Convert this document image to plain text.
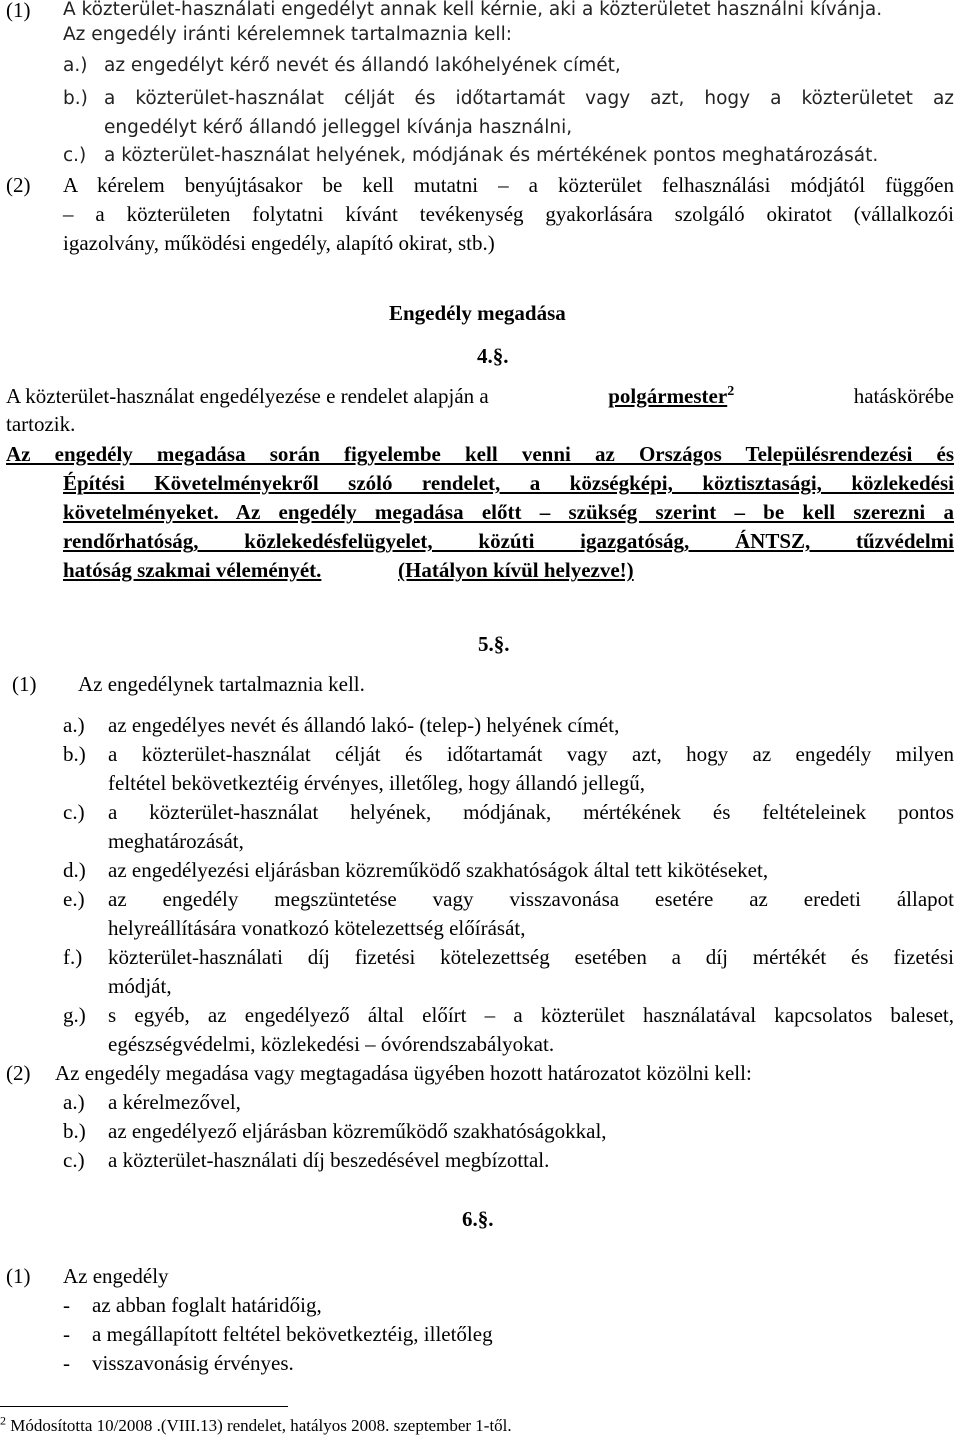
(1) A közterület-használati engedélyt annak kell kérnie, aki a közterületet használni kívánja.
Az engedély iránti kérelemnek tartalmaznia kell:
a.) az engedélyt kérő nevét és állandó lakóhelyének címét,
b.) a közterület-használat célját és időtartamát vagy azt, hogy a közterületet az
engedélyt kérő állandó jelleggel kívánja használni,
c.) a közterület-használat helyének, módjának és mértékének pontos meghatározását.
(2) A kérelem benyújtásakor be kell mutatni – a közterület felhasználási módjától függően
– a közterületen folytatni kívánt tevékenység gyakorlására szolgáló okiratot (vállalkozói
igazolvány, működési engedély, alapító okirat, stb.)
Engedély megadása
4.§.
A közterület-használat engedélyezése e rendelet alapján a	polgármester$^2$	hatáskörébe
tartozik.
Az engedély megadása során figyelembe kell venni az Országos Településrendezési és
Építési Követelményekről szóló rendelet, a községképi, köztisztasági, közlekedési
követelményeket. Az engedély megadása előtt – szükség szerint – be kell szerezni a
rendőrhatóság, közlekedésfelügyelet, közúti igazgatóság, ÁNTSZ, tűzvédelmi
hatóság szakmai véleményét.	(Hatályon kívül helyezve!)
5.§.
(1) Az engedélynek tartalmaznia kell.
a.) az engedélyes nevét és állandó lakó- (telep-) helyének címét,
b.) a közterület-használat célját és időtartamát vagy azt, hogy az engedély milyen
feltétel bekövetkeztéig érvényes, illetőleg, hogy állandó jellegű,
c.) a közterület-használat helyének, módjának, mértékének és feltételeinek pontos
meghatározását,
d.) az engedélyezési eljárásban közreműködő szakhatóságok által tett kikötéseket,
e.) az engedély megszüntetése vagy visszavonása esetére az eredeti állapot
helyreállítására vonatkozó kötelezettség előírását,
f.) közterület-használati díj fizetési kötelezettség esetében a díj mértékét és fizetési
módját,
g.) s egyéb, az engedélyező által előírt – a közterület használatával kapcsolatos baleset,
egészségvédelmi, közlekedési – óvórendszabályokat.
(2) Az engedély megadása vagy megtagadása ügyében hozott határozatot közölni kell:
a.) a kérelmezővel,
b.) az engedélyező eljárásban közreműködő szakhatóságokkal,
c.) a közterület-használati díj beszedésével megbízottal.
6.§.
(1) Az engedély
- az abban foglalt határidőig,
- a megállapított feltétel bekövetkeztéig, illetőleg
- visszavonásig érvényes.
$^2$ Módosította 10/2008 .(VIII.13) rendelet, hatályos 2008. szeptember 1-től.
